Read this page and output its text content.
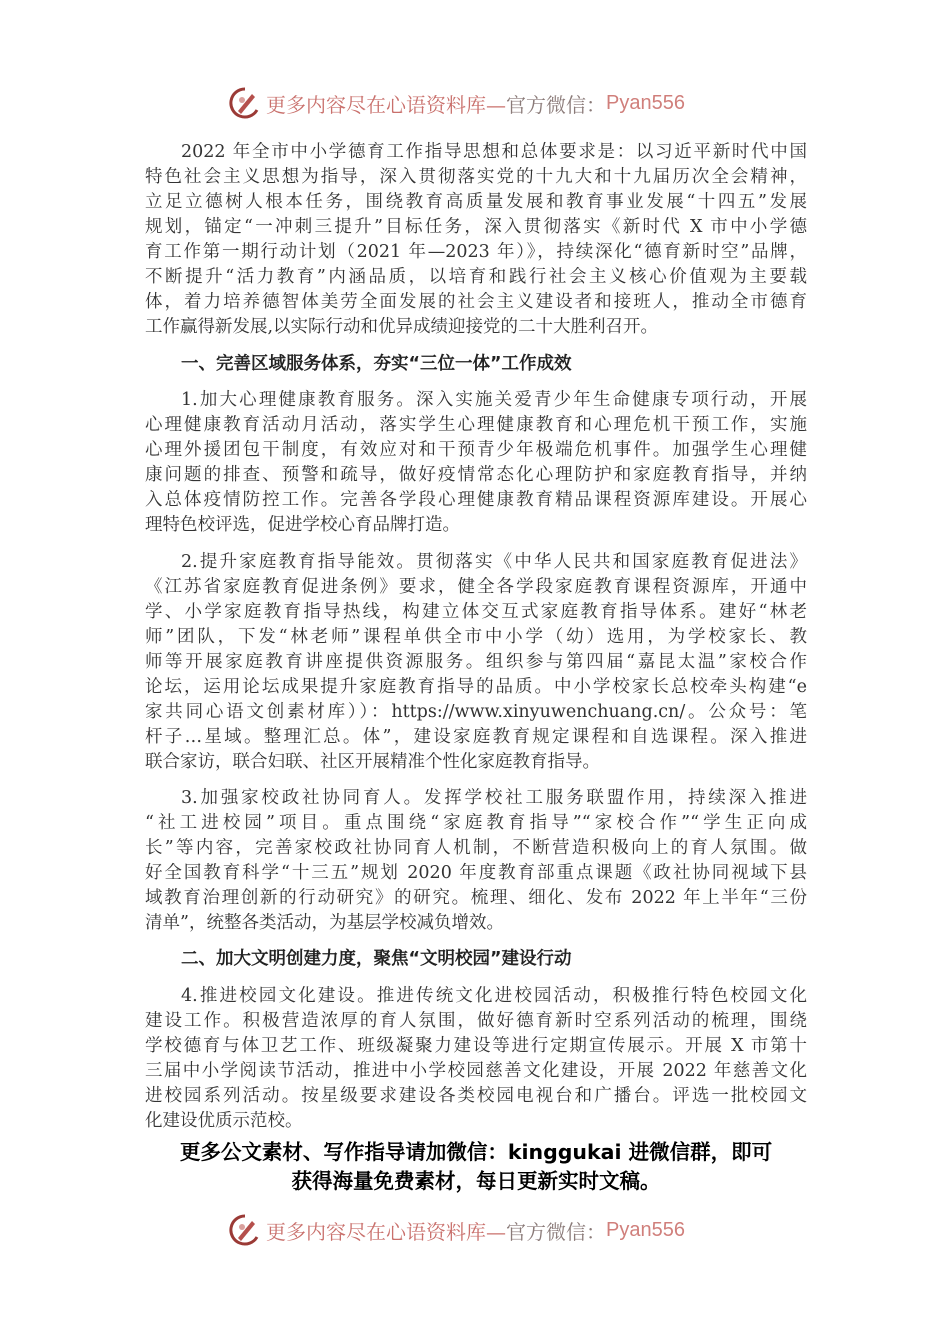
更多内容尽在心语资料库— 官方微信： Pyan556
2022 年全市中小学德育工作指导思想和总体要求是：以习近平新时代中国
特色社会主义思想为指导，深入贯彻落实党的十九大和十九届历次全会精神，
立足立德树人根本任务，围绕教育高质量发展和教育事业发展“十四五”发展
规划，锚定“一冲刺三提升”目标任务，深入贯彻落实《新时代 X 市中小学德
育工作第一期行动计划（2021 年—2023 年）》，持续深化“德育新时空”品牌，
不断提升“活力教育”内涵品质，以培育和践行社会主义核心价值观为主要载
体，着力培养德智体美劳全面发展的社会主义建设者和接班人，推动全市德育
工作赢得新发展,以实际行动和优异成绩迎接党的二十大胜利召开。
一、完善区域服务体系，夯实“三位一体”工作成效
1.加大心理健康教育服务。深入实施关爱青少年生命健康专项行动，开展
心理健康教育活动月活动，落实学生心理健康教育和心理危机干预工作，实施
心理外援团包干制度，有效应对和干预青少年极端危机事件。加强学生心理健
康问题的排查、预警和疏导，做好疫情常态化心理防护和家庭教育指导，并纳
入总体疫情防控工作。完善各学段心理健康教育精品课程资源库建设。开展心
理特色校评选，促进学校心育品牌打造。
2.提升家庭教育指导能效。贯彻落实《中华人民共和国家庭教育促进法》
《江苏省家庭教育促进条例》要求，健全各学段家庭教育课程资源库，开通中
学、小学家庭教育指导热线，构建立体交互式家庭教育指导体系。建好“林老
师”团队，下发“林老师”课程单供全市中小学（幼）选用，为学校家长、教
师等开展家庭教育讲座提供资源服务。组织参与第四届“嘉昆太温”家校合作
论坛，运用论坛成果提升家庭教育指导的品质。中小学校家长总校牵头构建“e
家共同心语文创素材库））：https://www.xinyuwenchuang.cn/。公众号：笔
杆子…星域。整理汇总。体”，建设家庭教育规定课程和自选课程。深入推进
联合家访，联合妇联、社区开展精准个性化家庭教育指导。
3.加强家校政社协同育人。发挥学校社工服务联盟作用，持续深入推进
“社工进校园”项目。重点围绕“家庭教育指导”“家校合作”“学生正向成
长”等内容，完善家校政社协同育人机制，不断营造积极向上的育人氛围。做
好全国教育科学“十三五”规划 2020 年度教育部重点课题《政社协同视域下县
域教育治理创新的行动研究》的研究。梳理、细化、发布 2022 年上半年“三份
清单”，统整各类活动，为基层学校减负增效。
二、加大文明创建力度，聚焦“文明校园”建设行动
4.推进校园文化建设。推进传统文化进校园活动，积极推行特色校园文化
建设工作。积极营造浓厚的育人氛围，做好德育新时空系列活动的梳理，围绕
学校德育与体卫艺工作、班级凝聚力建设等进行定期宣传展示。开展 X 市第十
三届中小学阅读节活动，推进中小学校园慈善文化建设，开展 2022 年慈善文化
进校园系列活动。按星级要求建设各类校园电视台和广播台。评选一批校园文
化建设优质示范校。
更多公文素材、写作指导请加微信：kinggukai 进微信群，即可
获得海量免费素材，每日更新实时文稿。
更多内容尽在心语资料库— 官方微信： Pyan556
